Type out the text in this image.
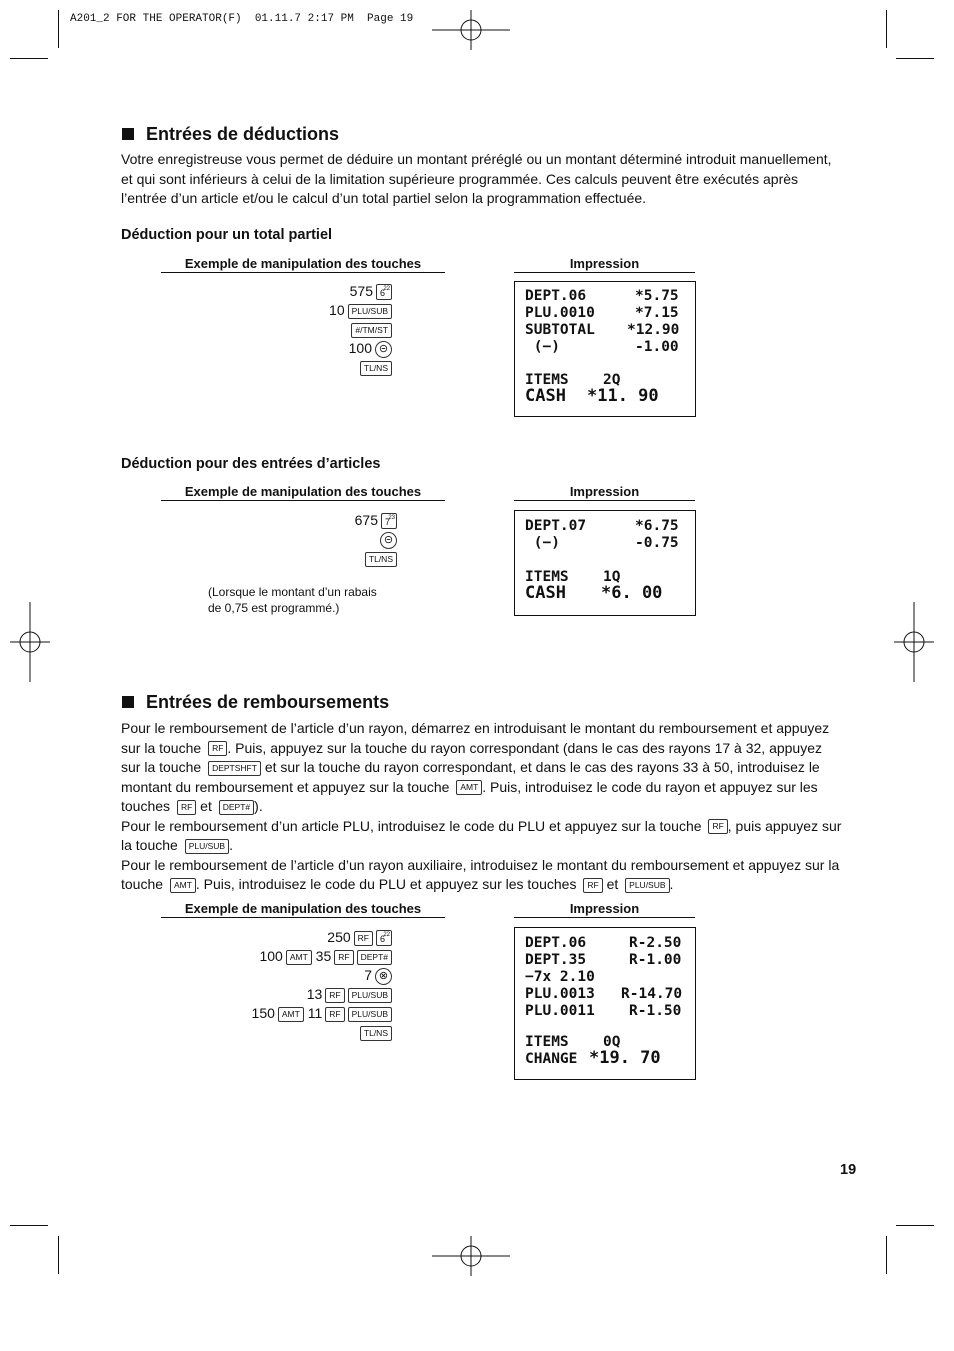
A201_2 FOR THE OPERATOR(F)  01.11.7 2:17 PM  Page 19
Entrées de déductions
Votre enregistreuse vous permet de déduire un montant préréglé ou un montant déterminé introduit manuellement, et qui sont inférieurs à celui de la limitation supérieure programmée. Ces calculs peuvent être exécutés après l’entrée d’un article et/ou le calcul d’un total partiel selon la programmation effectuée.
Déduction pour un total partiel
Exemple de manipulation des touches	Impression
575 22
6
10 PLU/SUB
#/TM/ST
100 ⊝
TL/NS
DEPT.06	*5.75
PLU.0010	*7.15
SUBTOTAL *12.90
(−)	-1.00
ITEMS 2Q
CASH *11. 90
Déduction pour des entrées d’articles
Exemple de manipulation des touches	Impression
675 23
7
⊝
TL/NS
(Lorsque le montant d’un rabais
de 0,75 est programmé.)
DEPT.07	*6.75
(−)	-0.75
ITEMS 1Q
CASH *6. 00
Entrées de remboursements
Pour le remboursement de l’article d’un rayon, démarrez en introduisant le montant du remboursement et appuyez sur la touche RF . Puis, appuyez sur la touche du rayon correspondant (dans le cas des rayons 17 à 32, appuyez sur la touche DEPTSHFT et sur la touche du rayon correspondant, et dans le cas des rayons 33 à 50, introduisez le montant du remboursement et appuyez sur la touche AMT . Puis, introduisez le code du rayon et appuyez sur les touches RF et DEPT# ).
Pour le remboursement d’un article PLU, introduisez le code du PLU et appuyez sur la touche RF , puis appuyez sur la touche PLU/SUB .
Pour le remboursement de l’article d’un rayon auxiliaire, introduisez le montant du remboursement et appuyez sur la touche AMT . Puis, introduisez le code du PLU et appuyez sur les touches RF et PLU/SUB .
Exemple de manipulation des touches	Impression
250 RF 22
6
100 AMT 35 RF DEPT#
7 ⊗
13 RF PLU/SUB
150 AMT 11 RF PLU/SUB
TL/NS
DEPT.06	R-2.50
DEPT.35	R-1.00
−7x 2.10
PLU.0013 R-14.70
PLU.0011 R-1.50
ITEMS 0Q
CHANGE *19. 70
19
